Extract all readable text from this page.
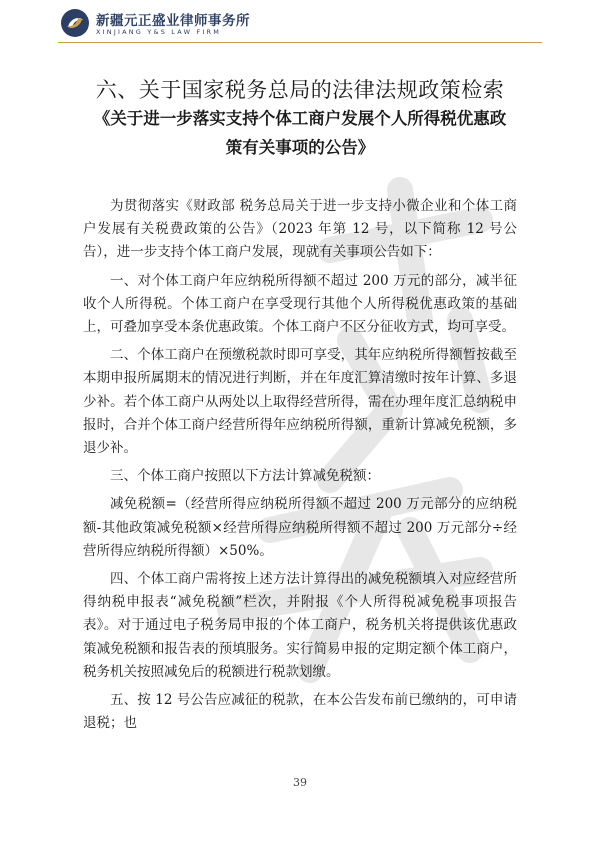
新疆元正盛业律师事务所
XINJIANG Y&S LAW FIRM
六、关于国家税务总局的法律法规政策检索
《关于进一步落实支持个体工商户发展个人所得税优惠政
策有关事项的公告》

为贯彻落实《财政部 税务总局关于进一步支持小微企业和个体工商户发展有关税费政策的公告》（2023 年第 12 号，以下简称 12 号公告），进一步支持个体工商户发展，现就有关事项公告如下：

一、对个体工商户年应纳税所得额不超过 200 万元的部分，减半征收个人所得税。个体工商户在享受现行其他个人所得税优惠政策的基础上，可叠加享受本条优惠政策。个体工商户不区分征收方式，均可享受。

二、个体工商户在预缴税款时即可享受，其年应纳税所得额暂按截至本期申报所属期末的情况进行判断，并在年度汇算清缴时按年计算、多退少补。若个体工商户从两处以上取得经营所得，需在办理年度汇总纳税申报时，合并个体工商户经营所得年应纳税所得额，重新计算减免税额，多退少补。

三、个体工商户按照以下方法计算减免税额：

减免税额=（经营所得应纳税所得额不超过 200 万元部分的应纳税额-其他政策减免税额×经营所得应纳税所得额不超过 200 万元部分÷经营所得应纳税所得额）×50%。

四、个体工商户需将按上述方法计算得出的减免税额填入对应经营所得纳税申报表“减免税额”栏次，并附报《个人所得税减免税事项报告表》。对于通过电子税务局申报的个体工商户，税务机关将提供该优惠政策减免税额和报告表的预填服务。实行简易申报的定期定额个体工商户，税务机关按照减免后的税额进行税款划缴。

五、按 12 号公告应减征的税款，在本公告发布前已缴纳的，可申请退税；也

39
